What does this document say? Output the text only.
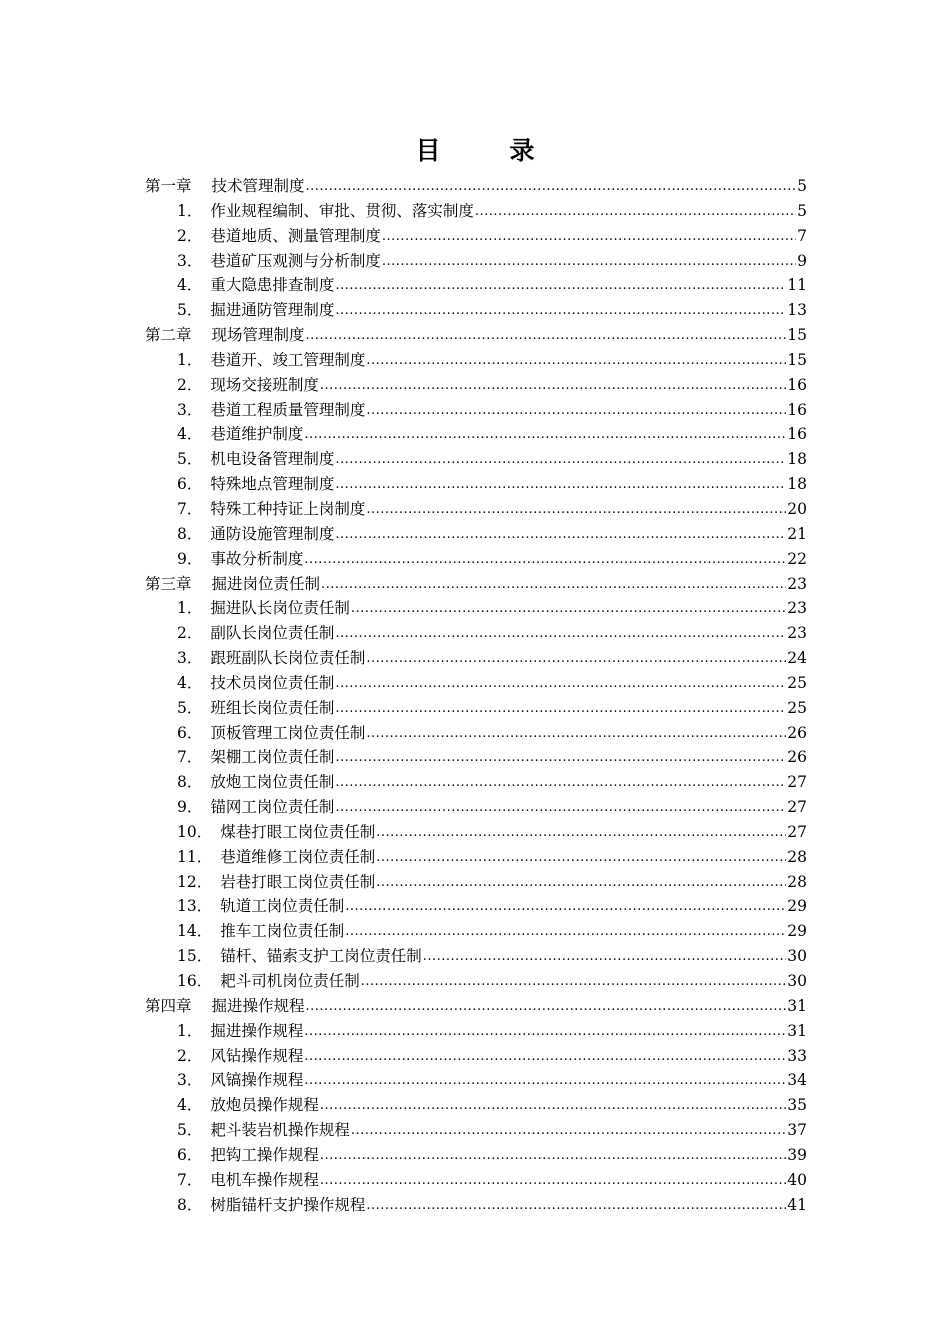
目　录
第一章 技术管理制度 .....	5
1． 作业规程编制、审批、贯彻、落实制度 .....	5
2． 巷道地质、测量管理制度 .....	7
3． 巷道矿压观测与分析制度 .....	9
4． 重大隐患排查制度 .....	11
5． 掘进通防管理制度 .....	13
第二章 现场管理制度 .....	15
1． 巷道开、竣工管理制度 .....	15
2． 现场交接班制度 .....	16
3． 巷道工程质量管理制度 .....	16
4． 巷道维护制度 .....	16
5． 机电设备管理制度 .....	18
6． 特殊地点管理制度 .....	18
7． 特殊工种持证上岗制度 .....	20
8． 通防设施管理制度 .....	21
9． 事故分析制度 .....	22
第三章 掘进岗位责任制 .....	23
1． 掘进队长岗位责任制 .....	23
2． 副队长岗位责任制 .....	23
3． 跟班副队长岗位责任制 .....	24
4． 技术员岗位责任制 .....	25
5． 班组长岗位责任制 .....	25
6． 顶板管理工岗位责任制 .....	26
7． 架棚工岗位责任制 .....	26
8． 放炮工岗位责任制 .....	27
9． 锚网工岗位责任制 .....	27
10． 煤巷打眼工岗位责任制 .....	27
11． 巷道维修工岗位责任制 .....	28
12． 岩巷打眼工岗位责任制 .....	28
13． 轨道工岗位责任制 .....	29
14． 推车工岗位责任制 .....	29
15． 锚杆、锚索支护工岗位责任制 .....	30
16． 耙斗司机岗位责任制 .....	30
第四章 掘进操作规程 .....	31
1． 掘进操作规程 .....	31
2． 风钻操作规程 .....	33
3． 风镐操作规程 .....	34
4． 放炮员操作规程 .....	35
5． 耙斗装岩机操作规程 .....	37
6． 把钩工操作规程 .....	39
7． 电机车操作规程 .....	40
8． 树脂锚杆支护操作规程 .....	41
